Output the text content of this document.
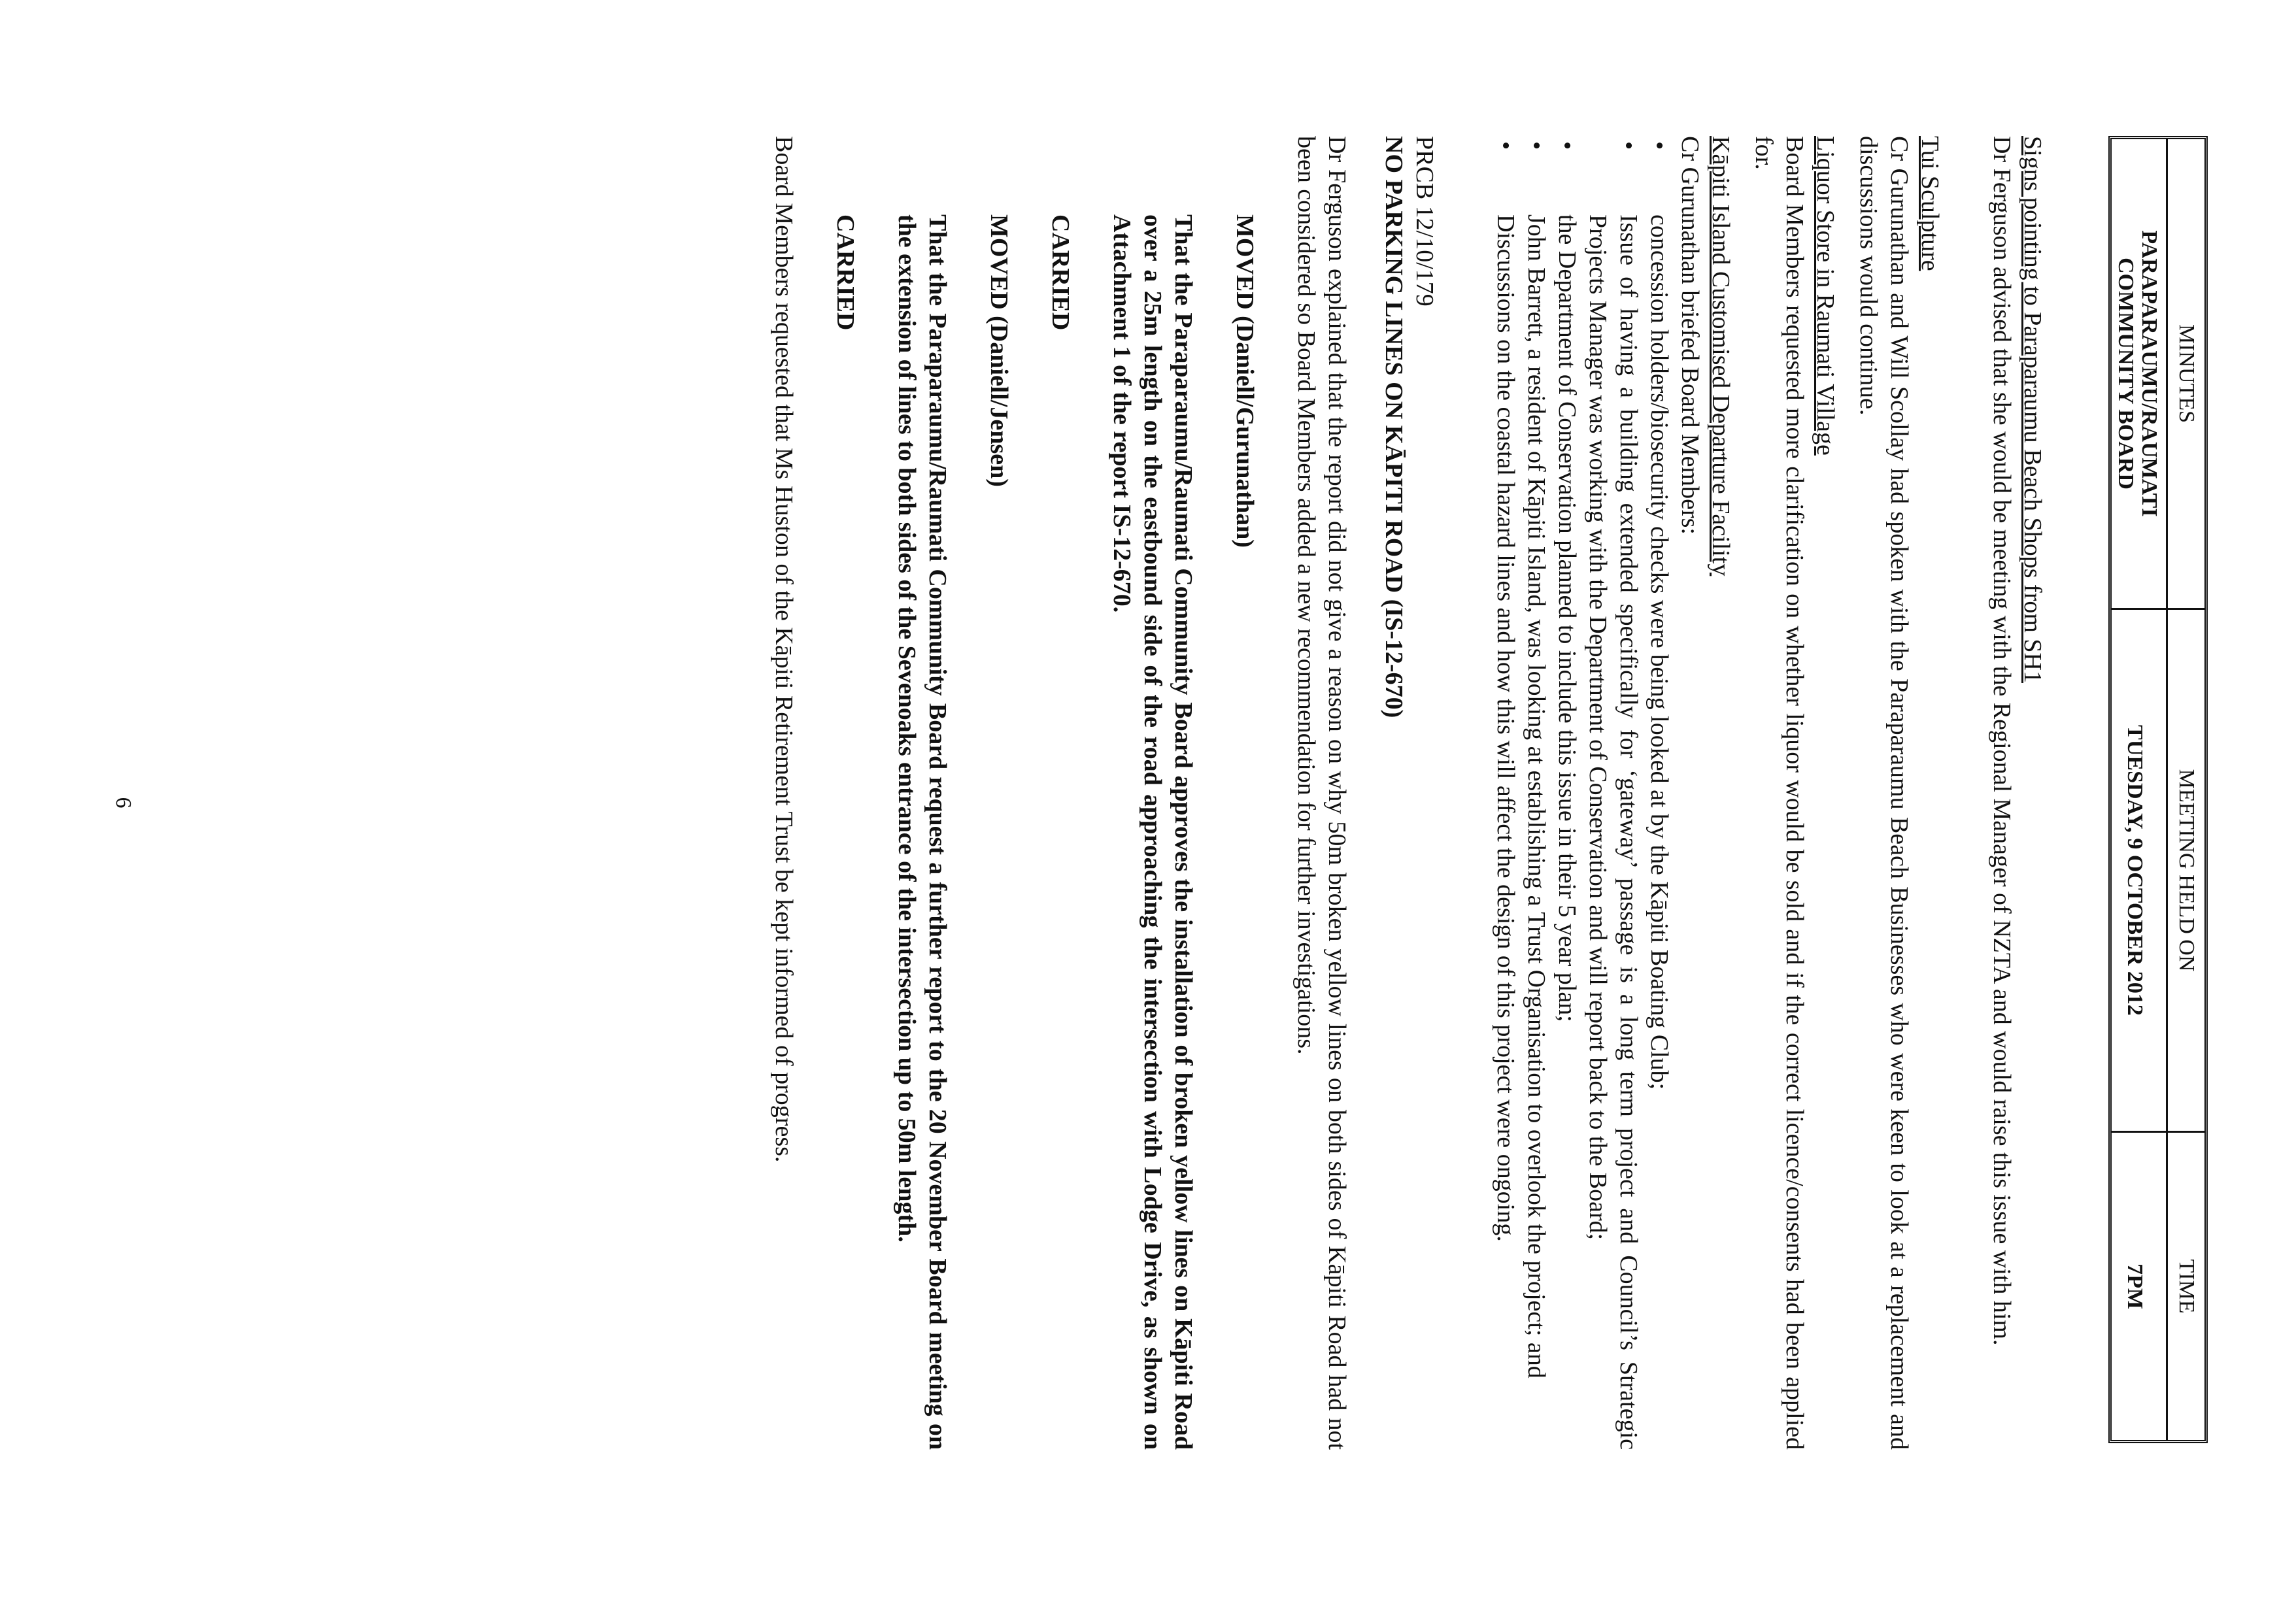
MINUTES
PARAPARAUMU/RAUMATI COMMUNITY BOARD
MEETING HELD ON
TUESDAY, 9 OCTOBER 2012
TIME
7PM
Signs pointing to Paraparaumu Beach Shops from SH1
Dr Ferguson advised that she would be meeting with the Regional Manager of NZTA and would raise this issue with him.
Tui Sculpture
Cr Gurunathan and Will Scollay had spoken with the Paraparaumu Beach Businesses who were keen to look at a replacement and discussions would continue.
Liquor Store in Raumati Village
Board Members requested more clarification on whether liquor would be sold and if the correct licence/consents had been applied for.
Kāpiti Island Customised Departure Facility
Cr Gurunathan briefed Board Members:
• concession holders/biosecurity checks were being looked at by the Kāpiti Boating Club;
• Issue of having a building extended specifically for ‘gateway’ passage is a long term project and Council’s Strategic Projects Manager was working with the Department of Conservation and will report back to the Board;
• the Department of Conservation planned to include this issue in their 5 year plan;
• John Barrett, a resident of Kāpiti Island, was looking at establishing a Trust Organisation to overlook the project; and
• Discussions on the coastal hazard lines and how this will affect the design of this project were ongoing.
PRCB 12/10/179
NO PARKING LINES ON KĀPITI ROAD (IS-12-670)
Dr Ferguson explained that the report did not give a reason on why 50m broken yellow lines on both sides of Kāpiti Road had not been considered so Board Members added a new recommendation for further investigations.
MOVED (Daniell/Gurunathan)
That the Paraparaumu/Raumati Community Board approves the installation of broken yellow lines on Kāpiti Road over a 25m length on the eastbound side of the road approaching the intersection with Lodge Drive, as shown on Attachment 1 of the report IS-12-670.
CARRIED
MOVED (Daniell/Jensen)
That the Paraparaumu/Raumati Community Board request a further report to the 20 November Board meeting on the extension of lines to both sides of the Sevenoaks entrance of the intersection up to 50m length.
CARRIED
Board Members requested that Ms Huston of the Kāpiti Retirement Trust be kept informed of progress.
6
